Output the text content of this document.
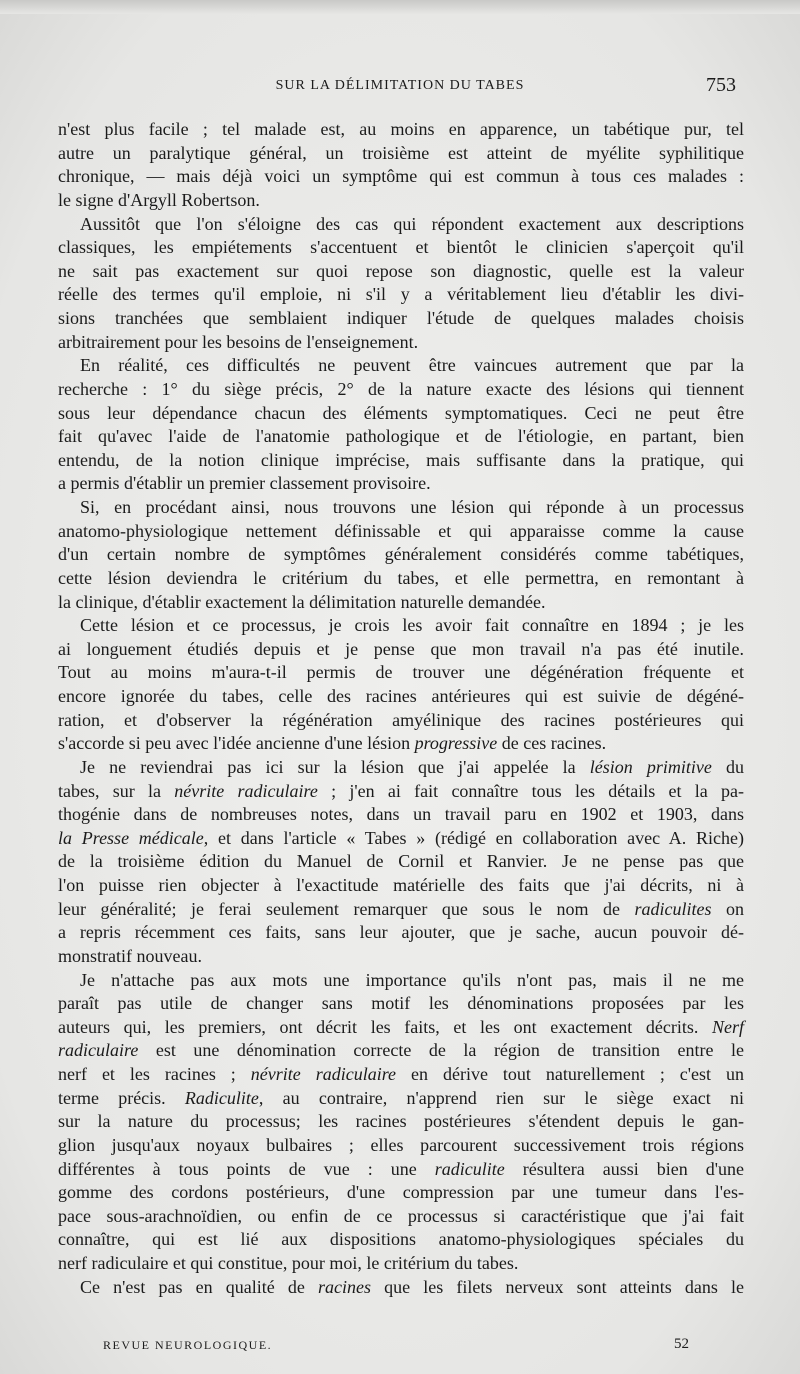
SUR LA DÉLIMITATION DU TABES	753
n'est plus facile ; tel malade est, au moins en apparence, un tabétique pur, tel
autre un paralytique général, un troisième est atteint de myélite syphilitique
chronique, — mais déjà voici un symptôme qui est commun à tous ces malades :
le signe d'Argyll Robertson.
Aussitôt que l'on s'éloigne des cas qui répondent exactement aux descriptions
classiques, les empiétements s'accentuent et bientôt le clinicien s'aperçoit qu'il
ne sait pas exactement sur quoi repose son diagnostic, quelle est la valeur
réelle des termes qu'il emploie, ni s'il y a véritablement lieu d'établir les divi-
sions tranchées que semblaient indiquer l'étude de quelques malades choisis
arbitrairement pour les besoins de l'enseignement.
En réalité, ces difficultés ne peuvent être vaincues autrement que par la
recherche : 1° du siège précis, 2° de la nature exacte des lésions qui tiennent
sous leur dépendance chacun des éléments symptomatiques. Ceci ne peut être
fait qu'avec l'aide de l'anatomie pathologique et de l'étiologie, en partant, bien
entendu, de la notion clinique imprécise, mais suffisante dans la pratique, qui
a permis d'établir un premier classement provisoire.
Si, en procédant ainsi, nous trouvons une lésion qui réponde à un processus
anatomo-physiologique nettement définissable et qui apparaisse comme la cause
d'un certain nombre de symptômes généralement considérés comme tabétiques,
cette lésion deviendra le critérium du tabes, et elle permettra, en remontant à
la clinique, d'établir exactement la délimitation naturelle demandée.
Cette lésion et ce processus, je crois les avoir fait connaître en 1894 ; je les
ai longuement étudiés depuis et je pense que mon travail n'a pas été inutile.
Tout au moins m'aura-t-il permis de trouver une dégénération fréquente et
encore ignorée du tabes, celle des racines antérieures qui est suivie de dégéné-
ration, et d'observer la régénération amyélinique des racines postérieures qui
s'accorde si peu avec l'idée ancienne d'une lésion progressive de ces racines.
Je ne reviendrai pas ici sur la lésion que j'ai appelée la lésion primitive du
tabes, sur la névrite radiculaire ; j'en ai fait connaître tous les détails et la pa-
thogénie dans de nombreuses notes, dans un travail paru en 1902 et 1903, dans
la Presse médicale, et dans l'article « Tabes » (rédigé en collaboration avec A. Riche)
de la troisième édition du Manuel de Cornil et Ranvier. Je ne pense pas que
l'on puisse rien objecter à l'exactitude matérielle des faits que j'ai décrits, ni à
leur généralité; je ferai seulement remarquer que sous le nom de radiculites on
a repris récemment ces faits, sans leur ajouter, que je sache, aucun pouvoir dé-
monstratif nouveau.
Je n'attache pas aux mots une importance qu'ils n'ont pas, mais il ne me
paraît pas utile de changer sans motif les dénominations proposées par les
auteurs qui, les premiers, ont décrit les faits, et les ont exactement décrits. Nerf
radiculaire est une dénomination correcte de la région de transition entre le
nerf et les racines ; névrite radiculaire en dérive tout naturellement ; c'est un
terme précis. Radiculite, au contraire, n'apprend rien sur le siège exact ni
sur la nature du processus; les racines postérieures s'étendent depuis le gan-
glion jusqu'aux noyaux bulbaires ; elles parcourent successivement trois régions
différentes à tous points de vue : une radiculite résultera aussi bien d'une
gomme des cordons postérieurs, d'une compression par une tumeur dans l'es-
pace sous-arachnoïdien, ou enfin de ce processus si caractéristique que j'ai fait
connaître, qui est lié aux dispositions anatomo-physiologiques spéciales du
nerf radiculaire et qui constitue, pour moi, le critérium du tabes.
Ce n'est pas en qualité de racines que les filets nerveux sont atteints dans le
REVUE NEUROLOGIQUE.	52
